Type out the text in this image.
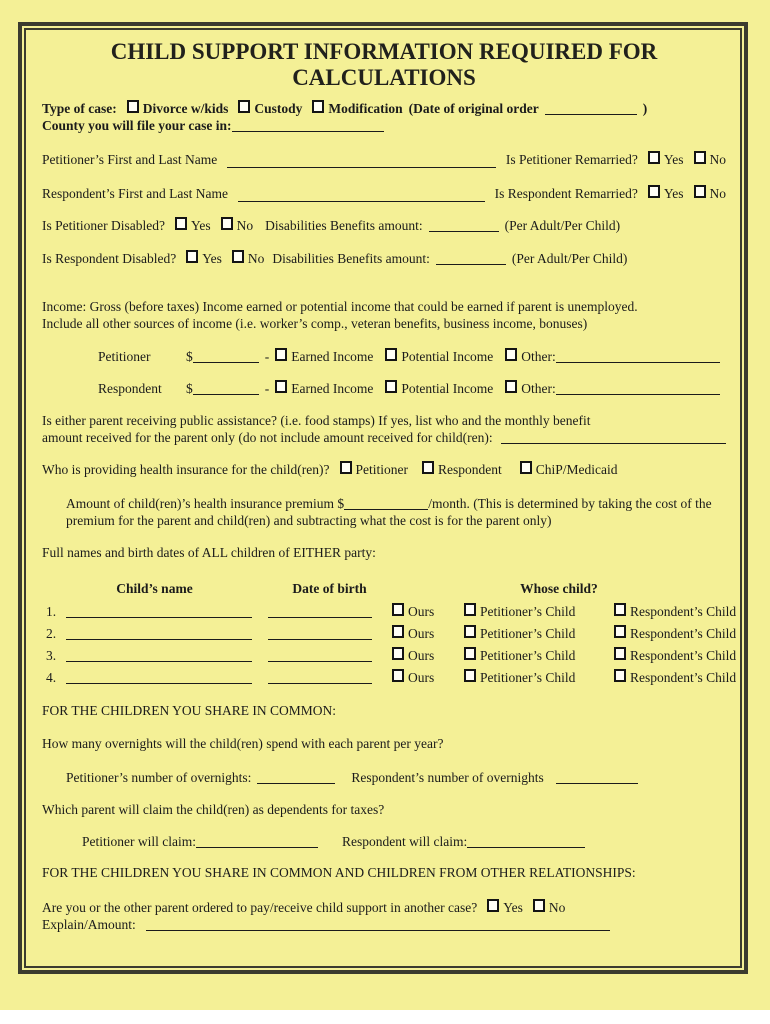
CHILD SUPPORT INFORMATION REQUIRED FOR CALCULATIONS
Type of case: Divorce w/kids Custody Modification (Date of original order	)
County you will file your case in:
Petitioner’s First and Last Name	Is Petitioner Remarried? Yes No
Respondent’s First and Last Name	Is Respondent Remarried? Yes No
Is Petitioner Disabled? Yes No Disabilities Benefits amount:	(Per Adult/Per Child)
Is Respondent Disabled? Yes No Disabilities Benefits amount:	(Per Adult/Per Child)
Income: Gross (before taxes) Income earned or potential income that could be earned if parent is unemployed.
Include all other sources of income (i.e. worker’s comp., veteran benefits, business income, bonuses)
Petitioner	$	- Earned Income Potential Income Other:
Respondent	$	- Earned Income Potential Income Other:
Is either parent receiving public assistance? (i.e. food stamps) If yes, list who and the monthly benefit
amount received for the parent only (do not include amount received for child(ren):
Who is providing health insurance for the child(ren)? Petitioner Respondent	ChiP/Medicaid
Amount of child(ren)’s health insurance premium $	/month. (This is determined by taking the cost of the
premium for the parent and child(ren) and subtracting what the cost is for the parent only)
Full names and birth dates of ALL children of EITHER party:
Child’s name	Date of birth	Whose child?
1.	Ours	Petitioner’s Child	Respondent’s Child
2.	Ours	Petitioner’s Child	Respondent’s Child
3.	Ours	Petitioner’s Child	Respondent’s Child
4.	Ours	Petitioner’s Child	Respondent’s Child
FOR THE CHILDREN YOU SHARE IN COMMON:
How many overnights will the child(ren) spend with each parent per year?
Petitioner’s number of overnights:	Respondent’s number of overnights
Which parent will claim the child(ren) as dependents for taxes?
Petitioner will claim:	Respondent will claim:
FOR THE CHILDREN YOU SHARE IN COMMON AND CHILDREN FROM OTHER RELATIONSHIPS:
Are you or the other parent ordered to pay/receive child support in another case? Yes No
Explain/Amount:
